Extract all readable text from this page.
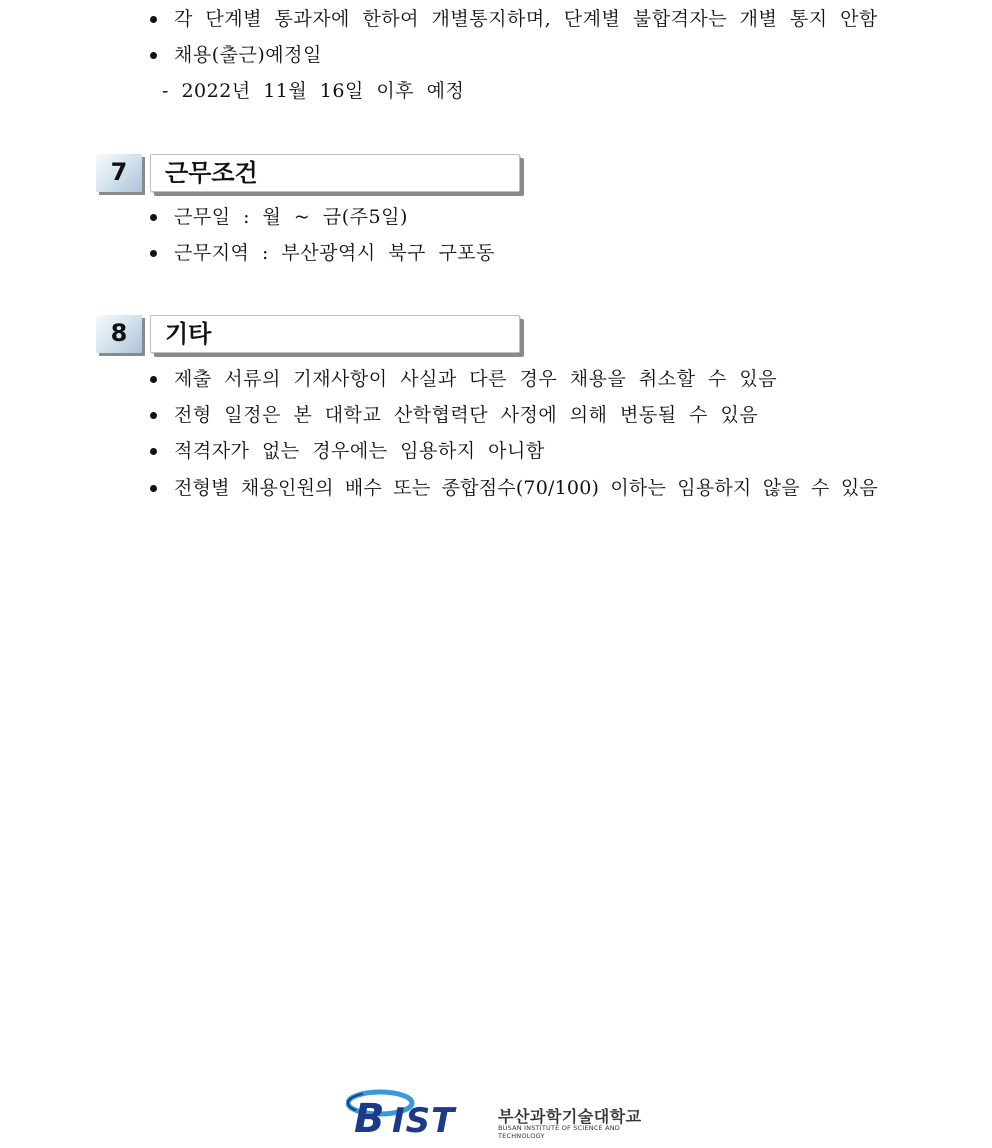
각 단계별 통과자에 한하여 개별통지하며, 단계별 불합격자는 개별 통지 안함
채용(출근)예정일
- 2022년 11월 16일 이후 예정
7	근무조건
근무일 : 월 ~ 금(주5일)
근무지역 : 부산광역시 북구 구포동
8	기타
제출 서류의 기재사항이 사실과 다른 경우 채용을 취소할 수 있음
전형 일정은 본 대학교 산학협력단 사정에 의해 변동될 수 있음
적격자가 없는 경우에는 임용하지 아니함
전형별 채용인원의 배수 또는 종합점수(70/100) 이하는 임용하지 않을 수 있음
B IST	부산과학기술대학교
BUSAN INSTITUTE OF SCIENCE AND TECHNOLOGY
